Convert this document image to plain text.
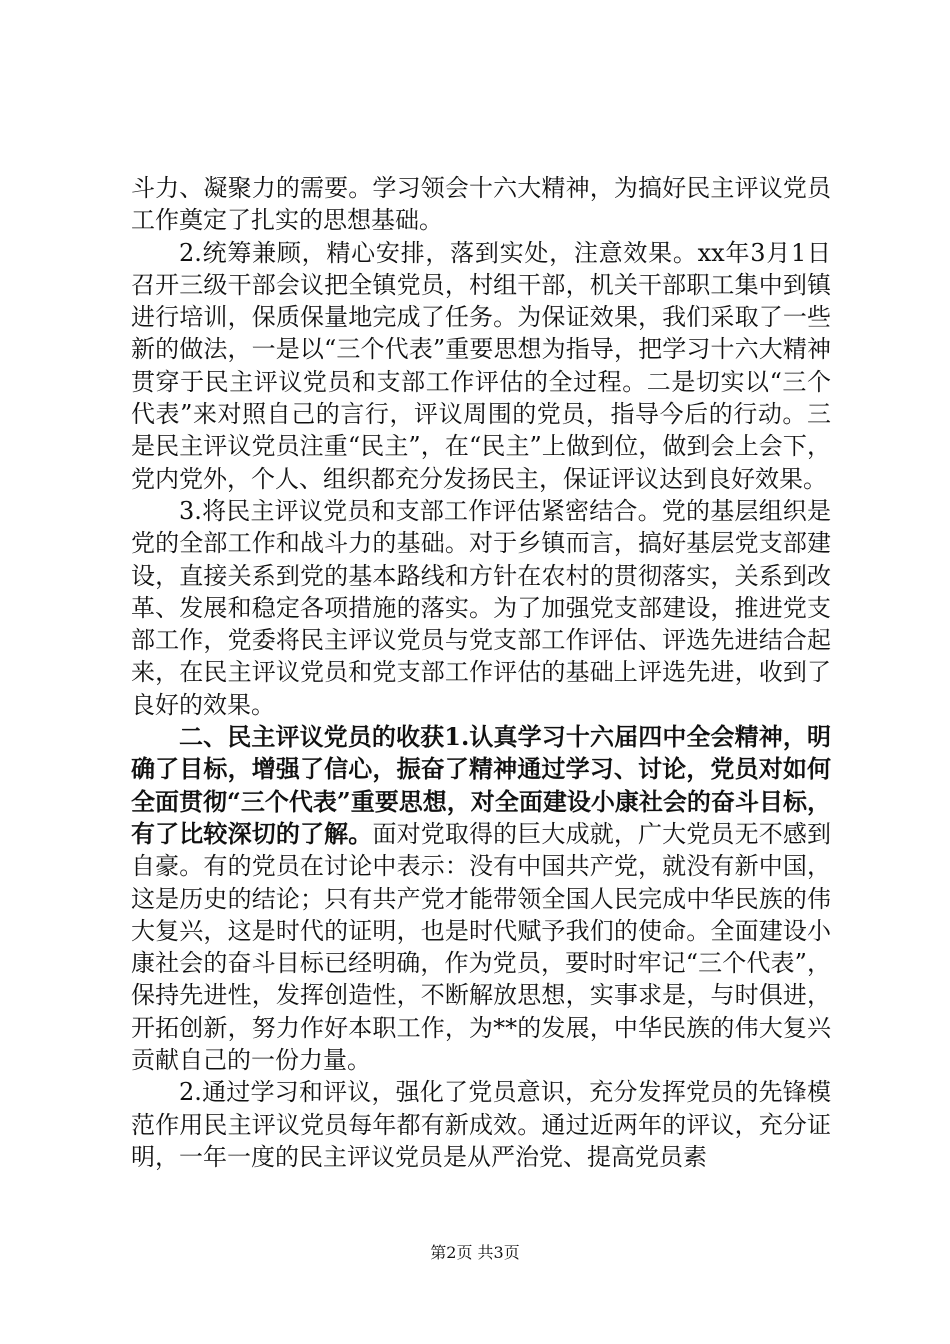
斗力、凝聚力的需要。学习领会十六大精神，为搞好民主评议党员工作奠定了扎实的思想基础。

2.统筹兼顾，精心安排，落到实处，注意效果。xx年3月1日召开三级干部会议把全镇党员，村组干部，机关干部职工集中到镇进行培训，保质保量地完成了任务。为保证效果，我们采取了一些新的做法，一是以“三个代表”重要思想为指导，把学习十六大精神贯穿于民主评议党员和支部工作评估的全过程。二是切实以“三个代表”来对照自己的言行，评议周围的党员，指导今后的行动。三是民主评议党员注重“民主”，在“民主”上做到位，做到会上会下，党内党外，个人、组织都充分发扬民主，保证评议达到良好效果。

3.将民主评议党员和支部工作评估紧密结合。党的基层组织是党的全部工作和战斗力的基础。对于乡镇而言，搞好基层党支部建设，直接关系到党的基本路线和方针在农村的贯彻落实，关系到改革、发展和稳定各项措施的落实。为了加强党支部建设，推进党支部工作，党委将民主评议党员与党支部工作评估、评选先进结合起来，在民主评议党员和党支部工作评估的基础上评选先进，收到了良好的效果。

二、民主评议党员的收获1.认真学习十六届四中全会精神，明确了目标，增强了信心，振奋了精神通过学习、讨论，党员对如何全面贯彻“三个代表”重要思想，对全面建设小康社会的奋斗目标，有了比较深切的了解。面对党取得的巨大成就，广大党员无不感到自豪。有的党员在讨论中表示：没有中国共产党，就没有新中国，这是历史的结论；只有共产党才能带领全国人民完成中华民族的伟大复兴，这是时代的证明，也是时代赋予我们的使命。全面建设小康社会的奋斗目标已经明确，作为党员，要时时牢记“三个代表”，保持先进性，发挥创造性，不断解放思想，实事求是，与时俱进，开拓创新，努力作好本职工作，为**的发展，中华民族的伟大复兴贡献自己的一份力量。

2.通过学习和评议，强化了党员意识，充分发挥党员的先锋模范作用民主评议党员每年都有新成效。通过近两年的评议，充分证明，一年一度的民主评议党员是从严治党、提高党员素

第2页 共3页
